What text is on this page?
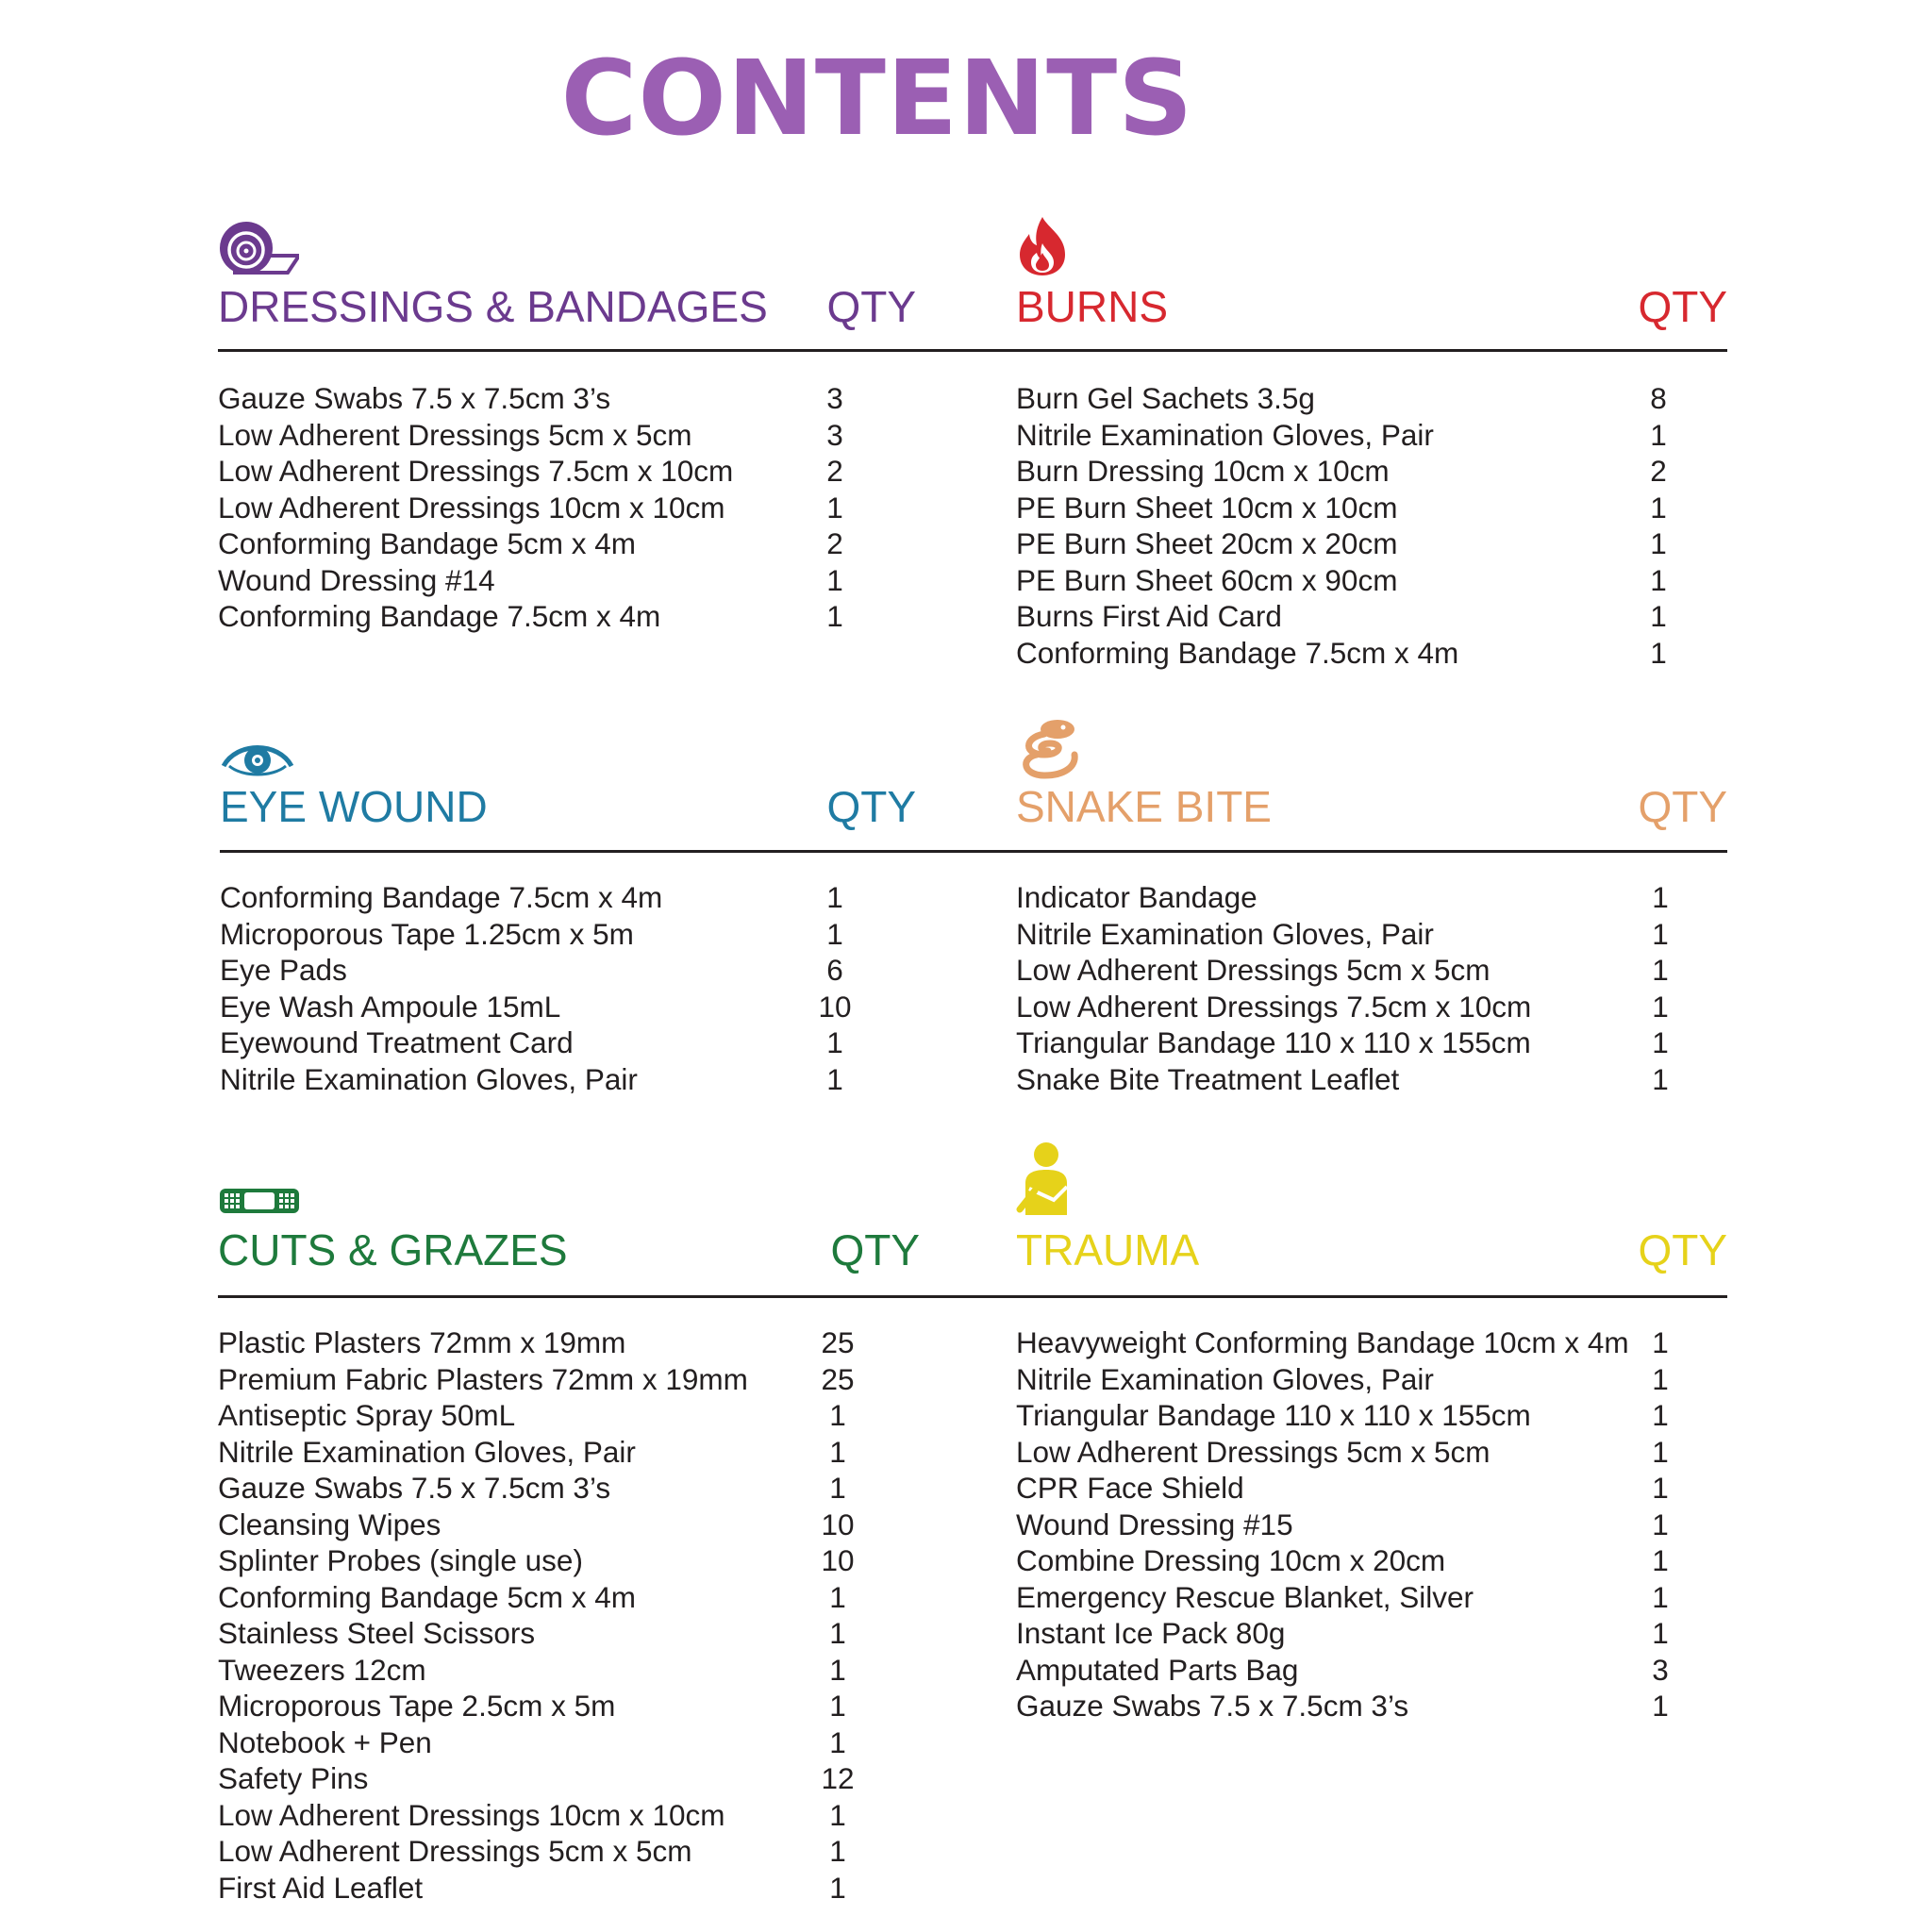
CONTENTS
DRESSINGS & BANDAGES QTY
Gauze Swabs 7.5 x 7.5cm 3’s	3
Low Adherent Dressings 5cm x 5cm	3
Low Adherent Dressings 7.5cm x 10cm	2
Low Adherent Dressings 10cm x 10cm	1
Conforming Bandage 5cm x 4m	2
Wound Dressing #14	1
Conforming Bandage 7.5cm x 4m	1
BURNS	QTY
Burn Gel Sachets 3.5g	8
Nitrile Examination Gloves, Pair	1
Burn Dressing 10cm x 10cm	2
PE Burn Sheet 10cm x 10cm	1
PE Burn Sheet 20cm x 20cm	1
PE Burn Sheet 60cm x 90cm	1
Burns First Aid Card	1
Conforming Bandage 7.5cm x 4m	1
EYE WOUND	QTY
Conforming Bandage 7.5cm x 4m	1
Microporous Tape 1.25cm x 5m	1
Eye Pads	6
Eye Wash Ampoule 15mL	10
Eyewound Treatment Card	1
Nitrile Examination Gloves, Pair	1
SNAKE BITE	QTY
Indicator Bandage	1
Nitrile Examination Gloves, Pair	1
Low Adherent Dressings 5cm x 5cm	1
Low Adherent Dressings 7.5cm x 10cm	1
Triangular Bandage 110 x 110 x 155cm	1
Snake Bite Treatment Leaflet	1
CUTS & GRAZES	QTY
Plastic Plasters 72mm x 19mm	25
Premium Fabric Plasters 72mm x 19mm 25
Antiseptic Spray 50mL	1
Nitrile Examination Gloves, Pair	1
Gauze Swabs 7.5 x 7.5cm 3’s	1
Cleansing Wipes	10
Splinter Probes (single use)	10
Conforming Bandage 5cm x 4m	1
Stainless Steel Scissors	1
Tweezers 12cm	1
Microporous Tape 2.5cm x 5m	1
Notebook + Pen	1
Safety Pins	12
Low Adherent Dressings 10cm x 10cm	1
Low Adherent Dressings 5cm x 5cm	1
First Aid Leaflet	1
TRAUMA	QTY
Heavyweight Conforming Bandage 10cm x 4m 1
Nitrile Examination Gloves, Pair	1
Triangular Bandage 110 x 110 x 155cm	1
Low Adherent Dressings 5cm x 5cm	1
CPR Face Shield	1
Wound Dressing #15	1
Combine Dressing 10cm x 20cm	1
Emergency Rescue Blanket, Silver	1
Instant Ice Pack 80g	1
Amputated Parts Bag	3
Gauze Swabs 7.5 x 7.5cm 3’s	1
